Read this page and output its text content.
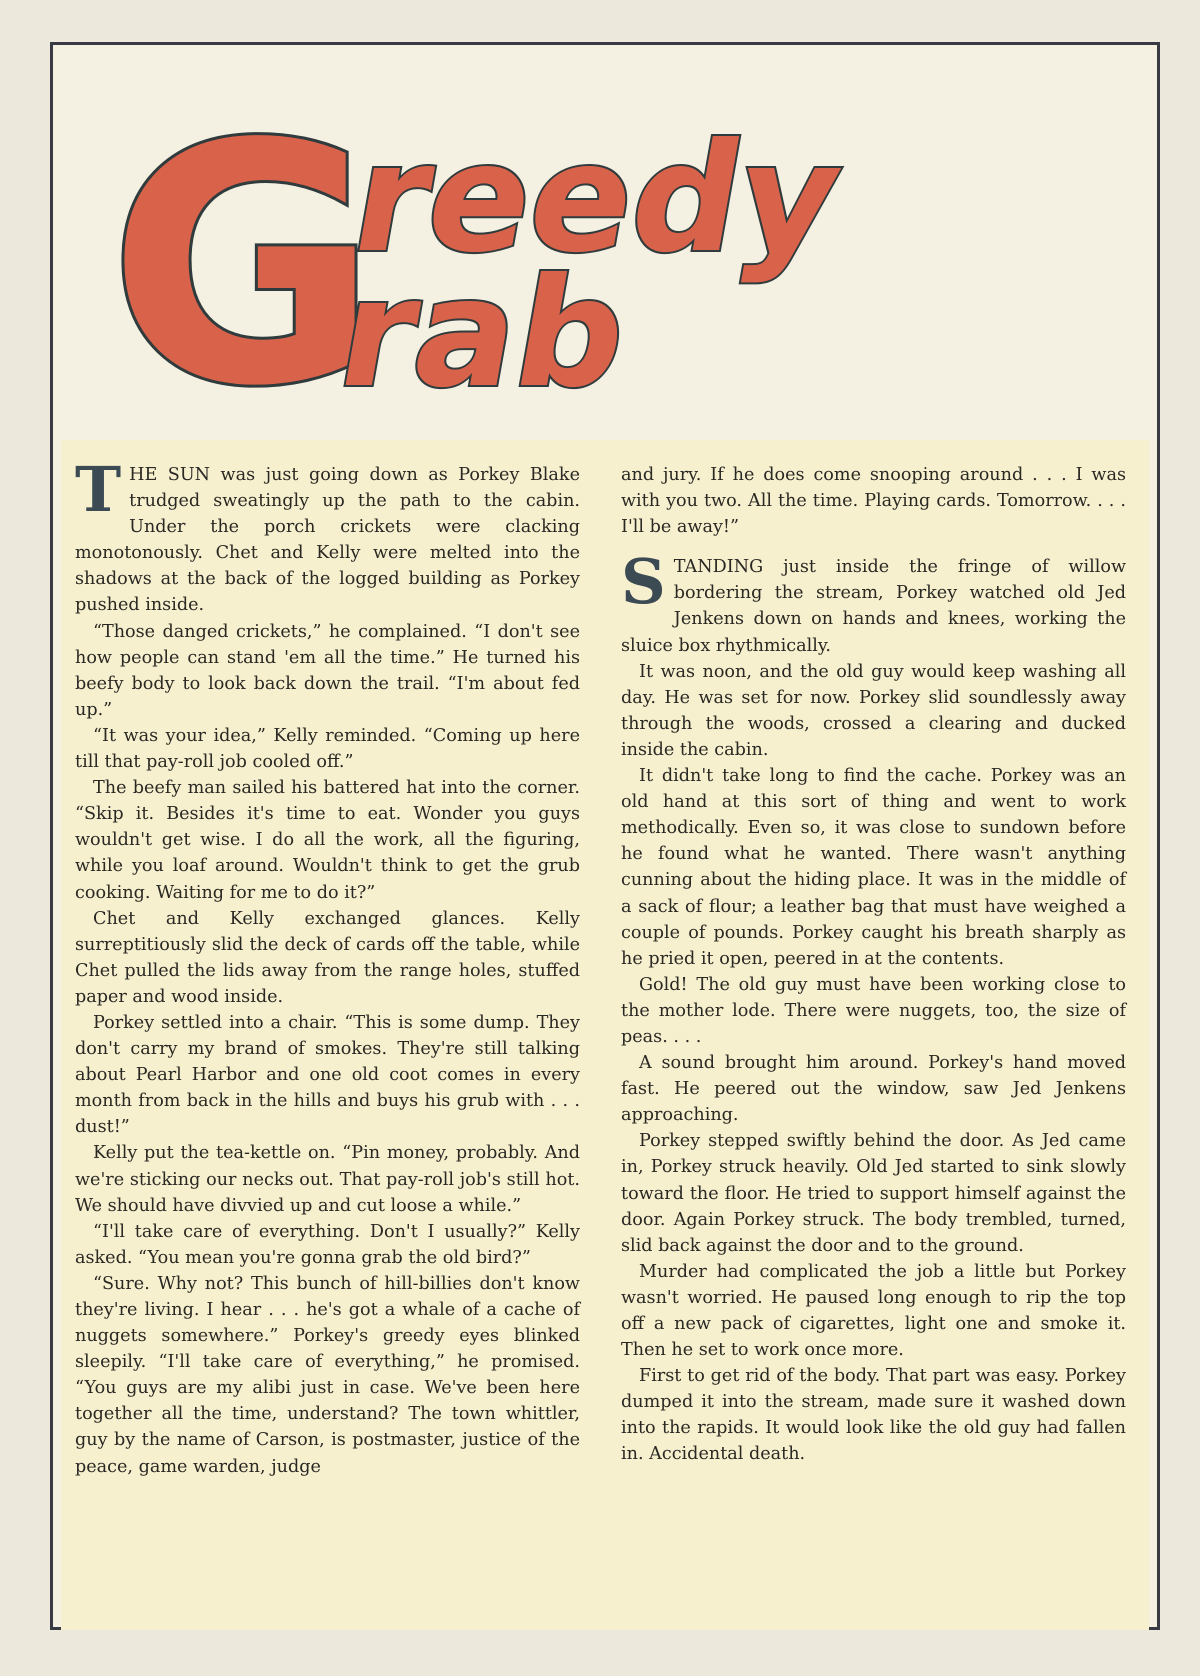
G
reedy
rab

THE SUN was just going down as Porkey Blake trudged sweatingly up the path to the cabin. Under the porch crickets were clacking monotonously. Chet and Kelly were melted into the shadows at the back of the logged building as Porkey pushed inside.

“Those danged crickets,” he complained. “I don't see how people can stand 'em all the time.” He turned his beefy body to look back down the trail. “I'm about fed up.”

“It was your idea,” Kelly reminded. “Coming up here till that pay-roll job cooled off.”

The beefy man sailed his battered hat into the corner. “Skip it. Besides it's time to eat. Wonder you guys wouldn't get wise. I do all the work, all the figuring, while you loaf around. Wouldn't think to get the grub cooking. Waiting for me to do it?”

Chet and Kelly exchanged glances. Kelly surreptitiously slid the deck of cards off the table, while Chet pulled the lids away from the range holes, stuffed paper and wood inside.

Porkey settled into a chair. “This is some dump. They don't carry my brand of smokes. They're still talking about Pearl Harbor and one old coot comes in every month from back in the hills and buys his grub with . . . dust!”

Kelly put the tea-kettle on. “Pin money, probably. And we're sticking our necks out. That pay-roll job's still hot. We should have divvied up and cut loose a while.”

“I'll take care of everything. Don't I usually?” Kelly asked. “You mean you're gonna grab the old bird?”

“Sure. Why not? This bunch of hill-billies don't know they're living. I hear . . . he's got a whale of a cache of nuggets somewhere.” Porkey's greedy eyes blinked sleepily. “I'll take care of everything,” he promised. “You guys are my alibi just in case. We've been here together all the time, understand? The town whittler, guy by the name of Carson, is postmaster, justice of the peace, game warden, judge

and jury. If he does come snooping around . . . I was with you two. All the time. Playing cards. Tomorrow. . . . I'll be away!”

STANDING just inside the fringe of willow bordering the stream, Porkey watched old Jed Jenkens down on hands and knees, working the sluice box rhythmically.

It was noon, and the old guy would keep washing all day. He was set for now. Porkey slid soundlessly away through the woods, crossed a clearing and ducked inside the cabin.

It didn't take long to find the cache. Porkey was an old hand at this sort of thing and went to work methodically. Even so, it was close to sundown before he found what he wanted. There wasn't anything cunning about the hiding place. It was in the middle of a sack of flour; a leather bag that must have weighed a couple of pounds. Porkey caught his breath sharply as he pried it open, peered in at the contents.

Gold! The old guy must have been working close to the mother lode. There were nuggets, too, the size of peas. . . .

A sound brought him around. Porkey's hand moved fast. He peered out the window, saw Jed Jenkens approaching.

Porkey stepped swiftly behind the door. As Jed came in, Porkey struck heavily. Old Jed started to sink slowly toward the floor. He tried to support himself against the door. Again Porkey struck. The body trembled, turned, slid back against the door and to the ground.

Murder had complicated the job a little but Porkey wasn't worried. He paused long enough to rip the top off a new pack of cigarettes, light one and smoke it. Then he set to work once more.

First to get rid of the body. That part was easy. Porkey dumped it into the stream, made sure it washed down into the rapids. It would look like the old guy had fallen in. Accidental death.
